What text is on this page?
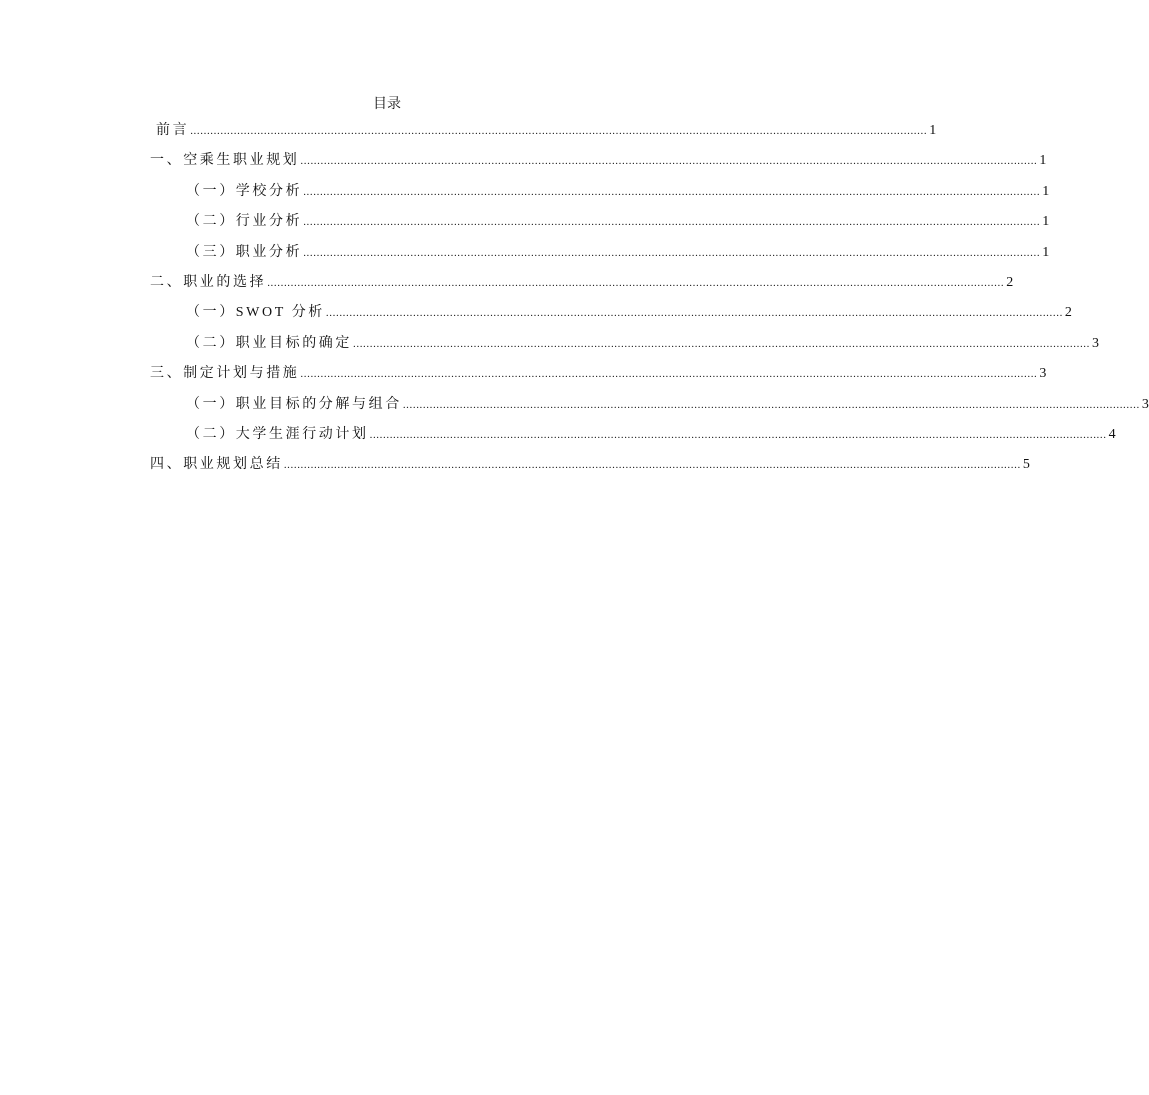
目录
前言 ............................................................................................................................................................................................................................ 1
一、空乘生职业规划 ............................................................................................................................................................................................................................ 1
（一）学校分析 ............................................................................................................................................................................................................................ 1
（二）行业分析 ............................................................................................................................................................................................................................ 1
（三）职业分析 ............................................................................................................................................................................................................................ 1
二、职业的选择 ............................................................................................................................................................................................................................ 2
（一）SWOT 分析 ............................................................................................................................................................................................................................ 2
（二）职业目标的确定 ............................................................................................................................................................................................................................ 3
三、制定计划与措施 ............................................................................................................................................................................................................................ 3
（一）职业目标的分解与组合 ............................................................................................................................................................................................................................ 3
（二）大学生涯行动计划 ............................................................................................................................................................................................................................ 4
四、职业规划总结 ............................................................................................................................................................................................................................ 5
